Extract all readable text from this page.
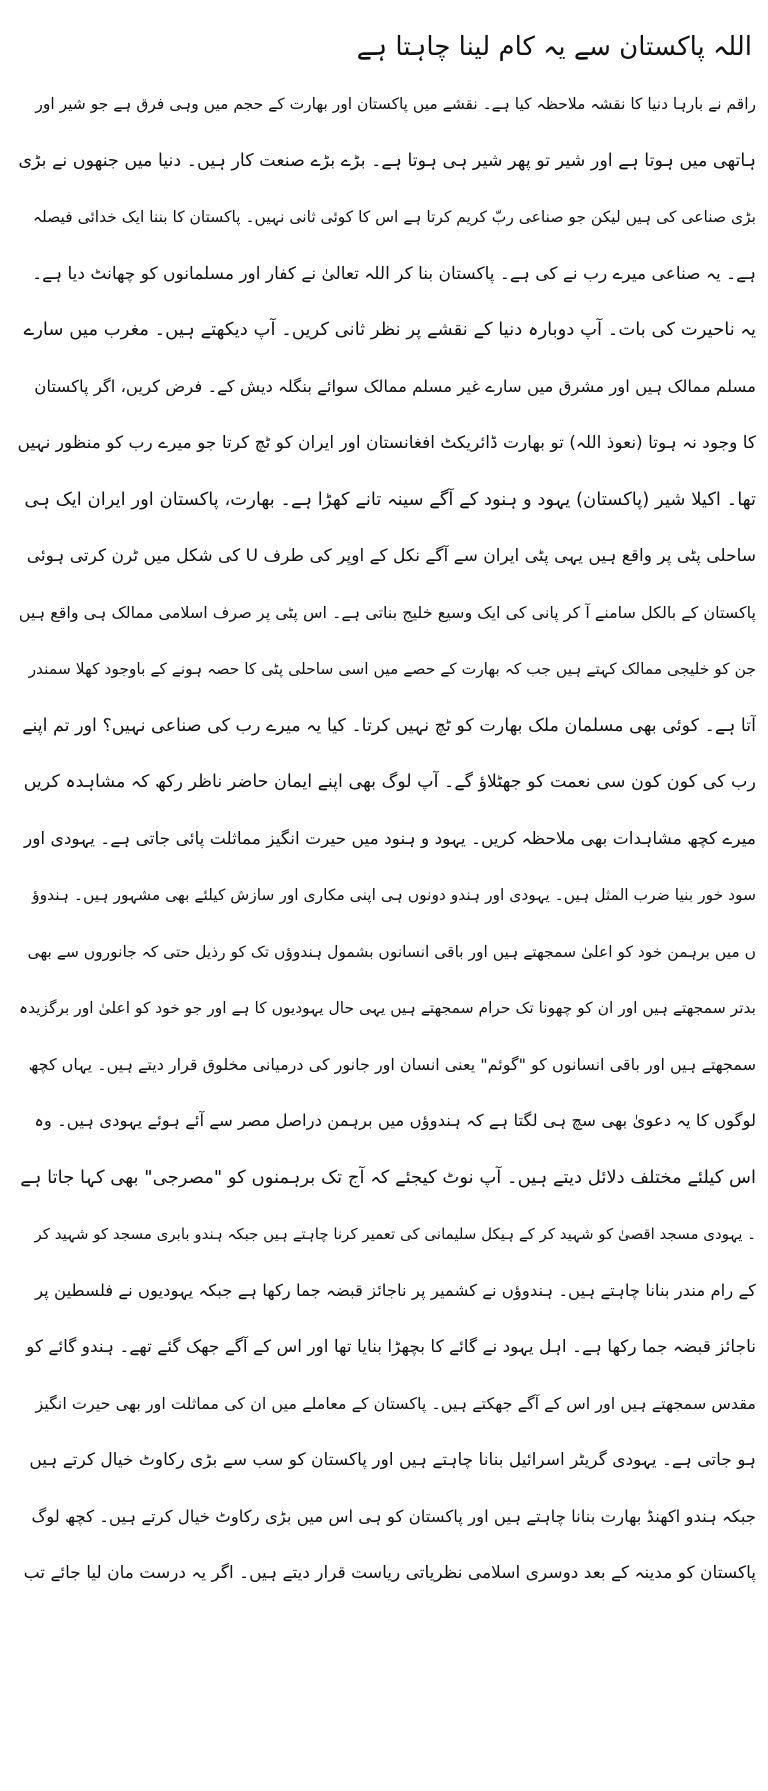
اللہ پاکستان سے یہ کام لینا چاہتا ہے
راقم نے بارہا دنیا کا نقشہ ملاحظہ کیا ہے۔ نقشے میں پاکستان اور بھارت کے حجم میں وہی فرق ہے جو شیر اور
ہاتھی میں ہوتا ہے اور شیر تو پھر شیر ہی ہوتا ہے۔ بڑے بڑے صنعت کار ہیں۔ دنیا میں جنھوں نے بڑی
بڑی صناعی کی ہیں لیکن جو صناعی ربّ کریم کرتا ہے اس کا کوئی ثانی نہیں۔ پاکستان کا بننا ایک خدائی فیصلہ
ہے۔ یہ صناعی میرے رب نے کی ہے۔ پاکستان بنا کر اللہ تعالیٰ نے کفار اور مسلمانوں کو چھانٹ دیا ہے۔
یہ ناحیرت کی بات۔ آپ دوبارہ دنیا کے نقشے پر نظر ثانی کریں۔ آپ دیکھتے ہیں۔ مغرب میں سارے
مسلم ممالک ہیں اور مشرق میں سارے غیر مسلم ممالک سوائے بنگلہ دیش کے۔ فرض کریں، اگر پاکستان
کا وجود نہ ہوتا (نعوذ اللہ) تو بھارت ڈائریکٹ افغانستان اور ایران کو ٹچ کرتا جو میرے رب کو منظور نہیں
تھا۔ اکیلا شیر (پاکستان) یہود و ہنود کے آگے سینہ تانے کھڑا ہے۔ بھارت، پاکستان اور ایران ایک ہی
ساحلی پٹی پر واقع ہیں یہی پٹی ایران سے آگے نکل کے اوپر کی طرف U کی شکل میں ٹرن کرتی ہوئی
پاکستان کے بالکل سامنے آ کر پانی کی ایک وسیع خلیج بناتی ہے۔ اس پٹی پر صرف اسلامی ممالک ہی واقع ہیں
جن کو خلیجی ممالک کہتے ہیں جب کہ بھارت کے حصے میں اسی ساحلی پٹی کا حصہ ہونے کے باوجود کھلا سمندر
آتا ہے۔ کوئی بھی مسلمان ملک بھارت کو ٹچ نہیں کرتا۔ کیا یہ میرے رب کی صناعی نہیں؟ اور تم اپنے
رب کی کون کون سی نعمت کو جھٹلاؤ گے۔ آپ لوگ بھی اپنے ایمان حاضر ناظر رکھ کہ مشاہدہ کریں
میرے کچھ مشاہدات بھی ملاحظہ کریں۔ یہود و ہنود میں حیرت انگیز مماثلت پائی جاتی ہے۔ یہودی اور
سود خور بنیا ضرب المثل ہیں۔ یہودی اور ہندو دونوں ہی اپنی مکاری اور سازش کیلئے بھی مشہور ہیں۔ ہندوؤ
ں میں برہمن خود کو اعلیٰ سمجھتے ہیں اور باقی انسانوں بشمول ہندوؤں تک کو رذیل حتی کہ جانوروں سے بھی
بدتر سمجھتے ہیں اور ان کو چھونا تک حرام سمجھتے ہیں یہی حال یہودیوں کا ہے اور جو خود کو اعلیٰ اور برگزیدہ
سمجھتے ہیں اور باقی انسانوں کو "گوئم" یعنی انسان اور جانور کی درمیانی مخلوق قرار دیتے ہیں۔ یہاں کچھ
لوگوں کا یہ دعویٰ بھی سچ ہی لگتا ہے کہ ہندوؤں میں برہمن دراصل مصر سے آئے ہوئے یہودی ہیں۔ وہ
اس کیلئے مختلف دلائل دیتے ہیں۔ آپ نوٹ کیجئے کہ آج تک برہمنوں کو "مصرجی" بھی کہا جاتا ہے
۔ یہودی مسجد اقصیٰ کو شہید کر کے ہیکل سلیمانی کی تعمیر کرنا چاہتے ہیں جبکہ ہندو بابری مسجد کو شہید کر
کے رام مندر بنانا چاہتے ہیں۔ ہندوؤں نے کشمیر پر ناجائز قبضہ جما رکھا ہے جبکہ یہودیوں نے فلسطین پر
ناجائز قبضہ جما رکھا ہے۔ اہل یہود نے گائے کا بچھڑا بنایا تھا اور اس کے آگے جھک گئے تھے۔ ہندو گائے کو
مقدس سمجھتے ہیں اور اس کے آگے جھکتے ہیں۔ پاکستان کے معاملے میں ان کی مماثلت اور بھی حیرت انگیز
ہو جاتی ہے۔ یہودی گریٹر اسرائیل بنانا چاہتے ہیں اور پاکستان کو سب سے بڑی رکاوٹ خیال کرتے ہیں
جبکہ ہندو اکھنڈ بھارت بنانا چاہتے ہیں اور پاکستان کو ہی اس میں بڑی رکاوٹ خیال کرتے ہیں۔ کچھ لوگ
پاکستان کو مدینہ کے بعد دوسری اسلامی نظریاتی ریاست قرار دیتے ہیں۔ اگر یہ درست مان لیا جائے تب
